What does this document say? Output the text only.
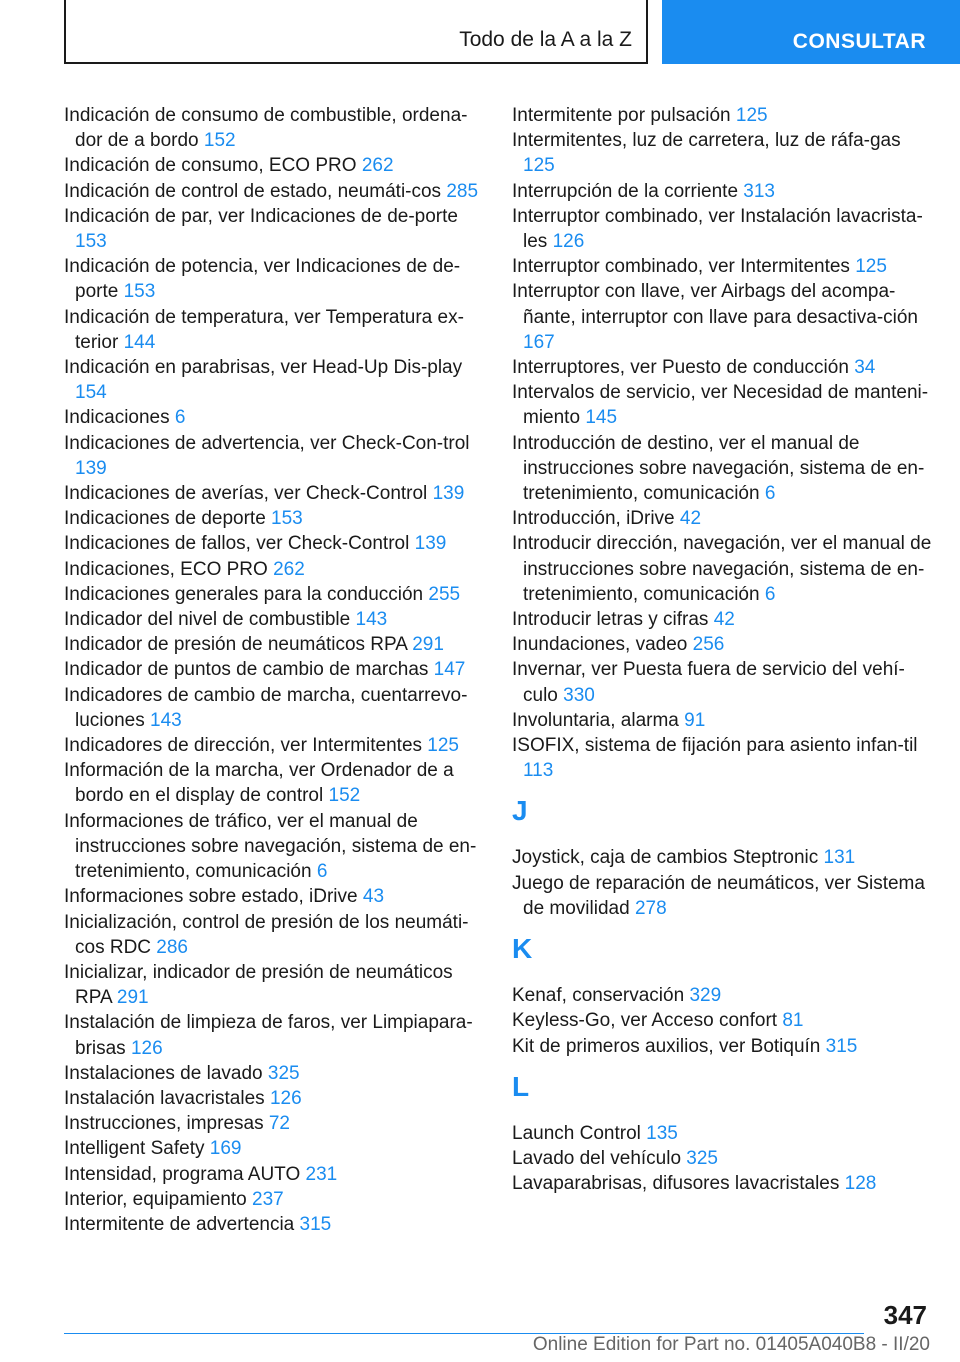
Todo de la A a la Z	CONSULTAR
Indicación de consumo de combustible, ordena‐dor de a bordo 152
Indicación de consumo, ECO PRO 262
Indicación de control de estado, neumáti‐cos 285
Indicación de par, ver Indicaciones de de‐porte 153
Indicación de potencia, ver Indicaciones de de‐porte 153
Indicación de temperatura, ver Temperatura ex‐terior 144
Indicación en parabrisas, ver Head-Up Dis‐play 154
Indicaciones 6
Indicaciones de advertencia, ver Check-Con‐trol 139
Indicaciones de averías, ver Check-Control 139
Indicaciones de deporte 153
Indicaciones de fallos, ver Check-Control 139
Indicaciones, ECO PRO 262
Indicaciones generales para la conducción 255
Indicador del nivel de combustible 143
Indicador de presión de neumáticos RPA 291
Indicador de puntos de cambio de marchas 147
Indicadores de cambio de marcha, cuentarrevo‐luciones 143
Indicadores de dirección, ver Intermitentes 125
Información de la marcha, ver Ordenador de a bordo en el display de control 152
Informaciones de tráfico, ver el manual de instrucciones sobre navegación, sistema de en‐tretenimiento, comunicación 6
Informaciones sobre estado, iDrive 43
Inicialización, control de presión de los neumáti‐cos RDC 286
Inicializar, indicador de presión de neumáticos RPA 291
Instalación de limpieza de faros, ver Limpiapara‐brisas 126
Instalaciones de lavado 325
Instalación lavacristales 126
Instrucciones, impresas 72
Intelligent Safety 169
Intensidad, programa AUTO 231
Interior, equipamiento 237
Intermitente de advertencia 315
Intermitente por pulsación 125
Intermitentes, luz de carretera, luz de ráfa‐gas 125
Interrupción de la corriente 313
Interruptor combinado, ver Instalación lavacrista‐les 126
Interruptor combinado, ver Intermitentes 125
Interruptor con llave, ver Airbags del acompa‐ñante, interruptor con llave para desactiva‐ción 167
Interruptores, ver Puesto de conducción 34
Intervalos de servicio, ver Necesidad de manteni‐miento 145
Introducción de destino, ver el manual de instrucciones sobre navegación, sistema de en‐tretenimiento, comunicación 6
Introducción, iDrive 42
Introducir dirección, navegación, ver el manual de instrucciones sobre navegación, sistema de en‐tretenimiento, comunicación 6
Introducir letras y cifras 42
Inundaciones, vadeo 256
Invernar, ver Puesta fuera de servicio del vehí‐culo 330
Involuntaria, alarma 91
ISOFIX, sistema de fijación para asiento infan‐til 113
J
Joystick, caja de cambios Steptronic 131
Juego de reparación de neumáticos, ver Sistema de movilidad 278
K
Kenaf, conservación 329
Keyless-Go, ver Acceso confort 81
Kit de primeros auxilios, ver Botiquín 315
L
Launch Control 135
Lavado del vehículo 325
Lavaparabrisas, difusores lavacristales 128
347
Online Edition for Part no. 01405A040B8 - II/20
